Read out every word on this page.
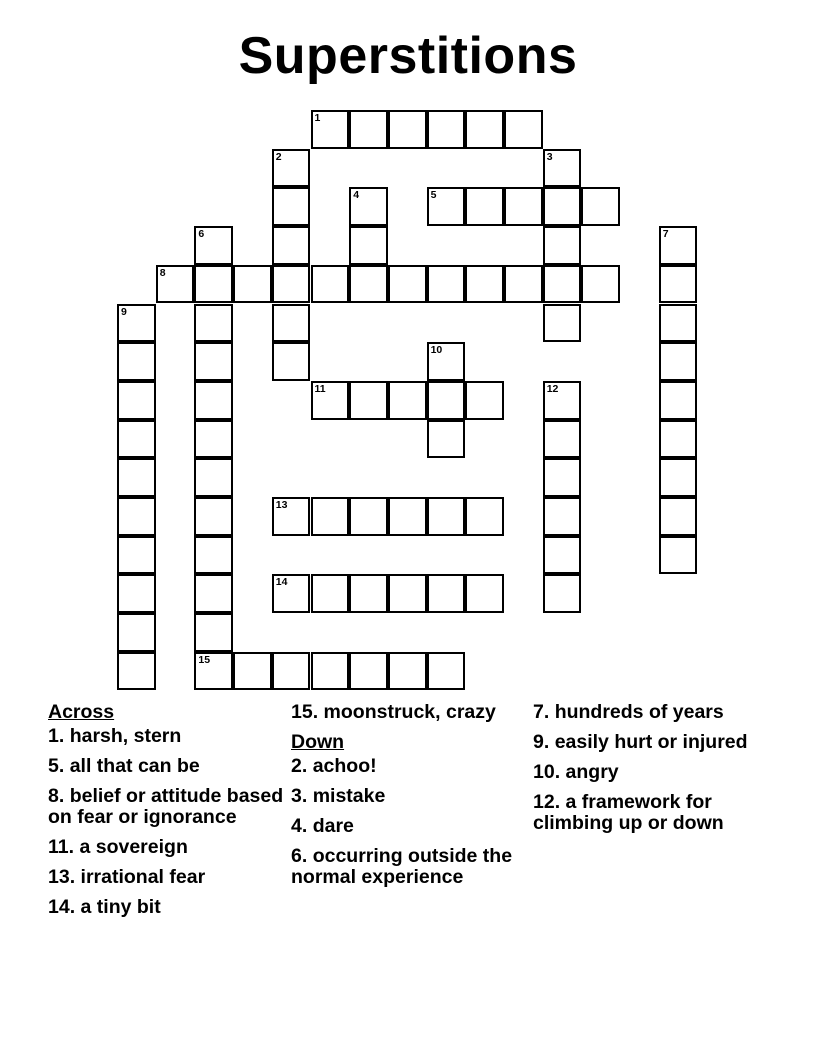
Superstitions
1
2	3
4	5
6
15
7
8
9
10
11	12
13
14
Across
1. harsh, stern
5. all that can be
8. belief or attitude based on fear or ignorance
11. a sovereign
13. irrational fear
14. a tiny bit
15. moonstruck, crazy
Down
2. achoo!
3. mistake
4. dare
6. occurring outside the normal experience
7. hundreds of years
9. easily hurt or injured
10. angry
12. a framework for climbing up or down
